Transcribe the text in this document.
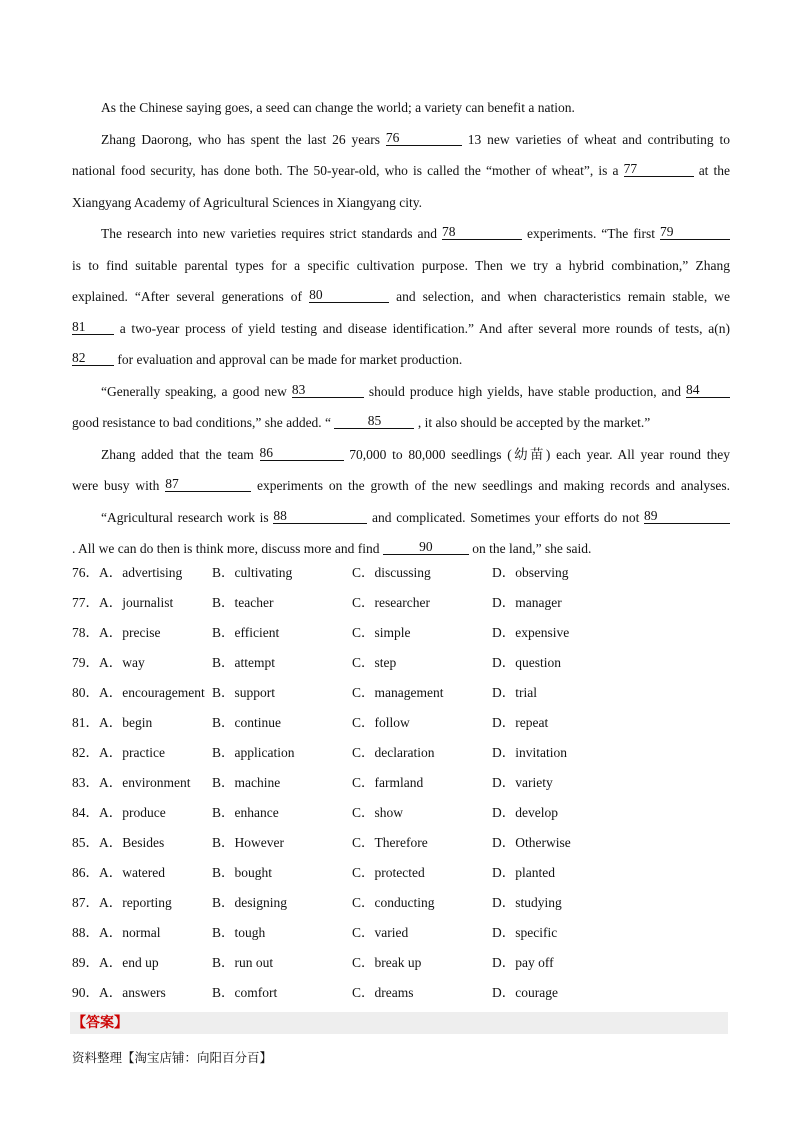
As the Chinese saying goes, a seed can change the world; a variety can benefit a nation.
Zhang Daorong, who has spent the last 26 years 76	13 new varieties of wheat and contributing to
national food security, has done both. The 50-year-old, who is called the “mother of wheat”, is a 77	at the
Xiangyang Academy of Agricultural Sciences in Xiangyang city.
The research into new varieties requires strict standards and 78	experiments. “The first 79
is to find suitable parental types for a specific cultivation purpose. Then we try a hybrid combination,” Zhang
explained. “After several generations of 80	and selection, and when characteristics remain stable, we
81	a two-year process of yield testing and disease identification.” And after several more rounds of tests, a(n)
82 for evaluation and approval can be made for market production.
“Generally speaking, a good new 83	should produce high yields, have stable production, and 84
good resistance to bad conditions,” she added. “	85	, it also should be accepted by the market.”
Zhang added that the team 86	70,000 to 80,000 seedlings (幼苗) each year. All year round they
were busy with 87	experiments on the growth of the new seedlings and making records and analyses.
“Agricultural research work is 88	and complicated. Sometimes your efforts do not 89
. All we can do then is think more, discuss more and find	90	on the land,” she said.
76．A．advertising B．cultivating	C．discussing	D．observing
77．A．journalist	B．teacher	C．researcher	D．manager
78．A．precise	B．efficient	C．simple	D．expensive
79．A．way	B．attempt	C．step	D．question
80．A．encouragement B．support	C．management	D．trial
81．A．begin	B．continue	C．follow	D．repeat
82．A．practice	B．application	C．declaration	D．invitation
83．A．environment B．machine	C．farmland	D．variety
84．A．produce	B．enhance	C．show	D．develop
85．A．Besides	B．However	C．Therefore	D．Otherwise
86．A．watered	B．bought	C．protected	D．planted
87．A．reporting	B．designing	C．conducting	D．studying
88．A．normal	B．tough	C．varied	D．specific
89．A．end up	B．run out	C．break up	D．pay off
90．A．answers	B．comfort	C．dreams	D．courage
【答案】
资料整理【淘宝店铺：向阳百分百】
